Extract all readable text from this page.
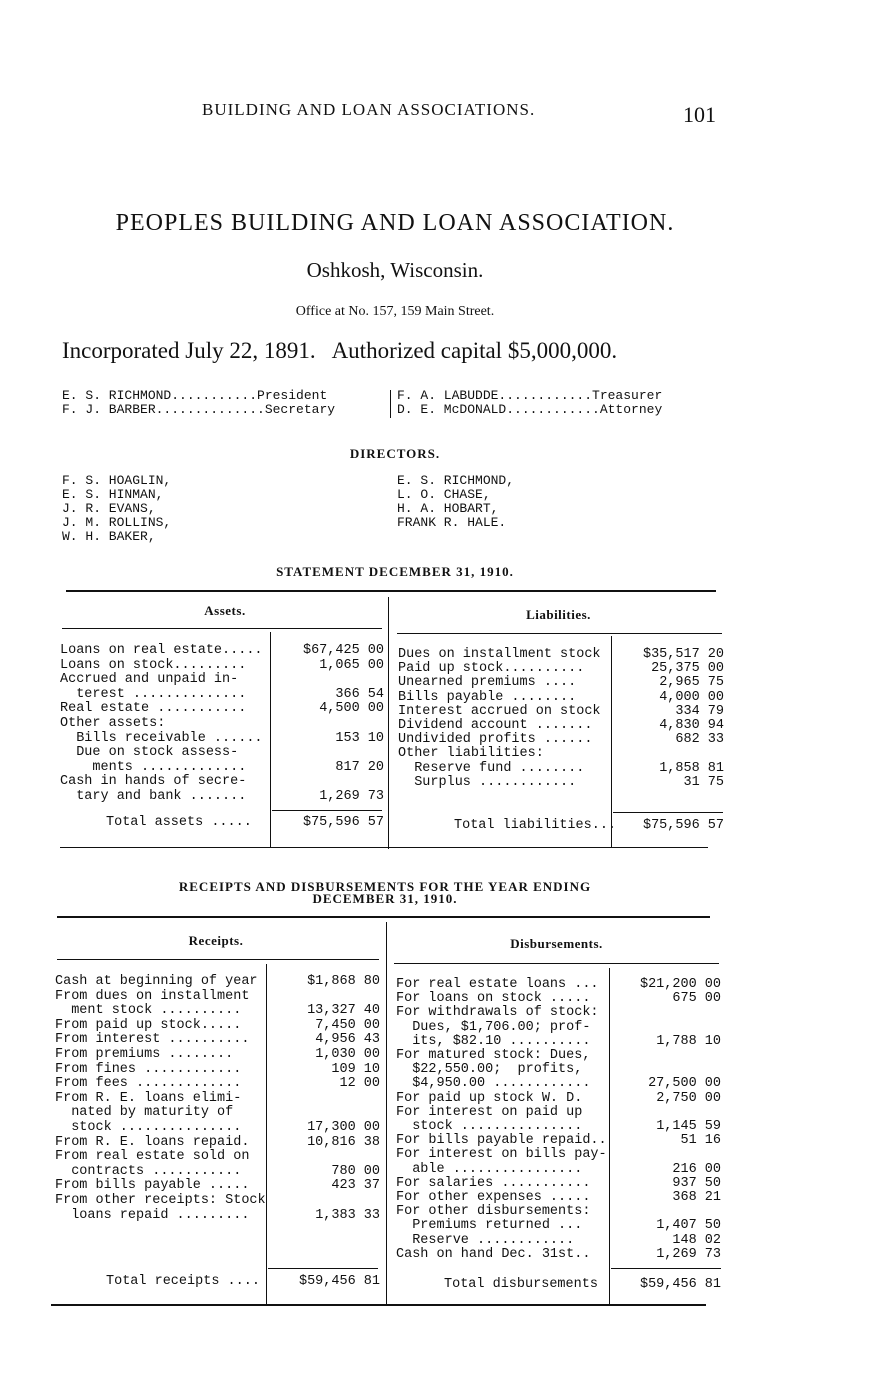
BUILDING AND LOAN ASSOCIATIONS.	101
PEOPLES BUILDING AND LOAN ASSOCIATION.
Oshkosh, Wisconsin.
Office at No. 157, 159 Main Street.
Incorporated July 22, 1891.   Authorized capital $5,000,000.
E. S. RICHMOND...........President
F. J. BARBER..............Secretary
F. A. LABUDDE............Treasurer
D. E. McDONALD............Attorney
DIRECTORS.
F. S. HOAGLIN,
E. S. HINMAN,
J. R. EVANS,
J. M. ROLLINS,
W. H. BAKER,
E. S. RICHMOND,
L. O. CHASE,
H. A. HOBART,
FRANK R. HALE.
STATEMENT DECEMBER 31, 1910.
Assets.	Liabilities.
Loans on real estate.....	$67,425 00
Loans on stock.........	1,065 00
Accrued and unpaid in-
terest ..............	366 54
Real estate ...........	4,500 00
Other assets:
Bills receivable ......	153 10
Due on stock assess-
ments .............	817 20
Cash in hands of secre-
tary and bank .......	1,269 73
Dues on installment stock	$35,517 20
Paid up stock..........	25,375 00
Unearned premiums ....	2,965 75
Bills payable ........	4,000 00
Interest accrued on stock	334 79
Dividend account .......	4,830 94
Undivided profits ......	682 33
Other liabilities:
Reserve fund ........	1,858 81
Surplus ............	31 75
Total assets .....	$75,596 57	Total liabilities...	$75,596 57
RECEIPTS AND DISBURSEMENTS FOR THE YEAR ENDING
DECEMBER 31, 1910.
Receipts.	Disbursements.
Cash at beginning of year	$1,868 80
From dues on installment
ment stock ..........	13,327 40
From paid up stock.....	7,450 00
From interest ..........	4,956 43
From premiums ........	1,030 00
From fines ............	109 10
From fees .............	12 00
From R. E. loans elimi-
nated by maturity of
stock ...............	17,300 00
From R. E. loans repaid.	10,816 38
From real estate sold on
contracts ...........	780 00
From bills payable .....	423 37
From other receipts: Stock
loans repaid .........	1,383 33
For real estate loans ...	$21,200 00
For loans on stock .....	675 00
For withdrawals of stock:
Dues, $1,706.00; prof-
its, $82.10 ..........	1,788 10
For matured stock: Dues,
$22,550.00;  profits,
$4,950.00 ............	27,500 00
For paid up stock W. D.	2,750 00
For interest on paid up
stock ...............	1,145 59
For bills payable repaid..	51 16
For interest on bills pay-
able ................	216 00
For salaries ...........	937 50
For other expenses .....	368 21
For other disbursements:
Premiums returned ...	1,407 50
Reserve ............	148 02
Cash on hand Dec. 31st..	1,269 73
Total receipts ....	$59,456 81	Total disbursements	$59,456 81
